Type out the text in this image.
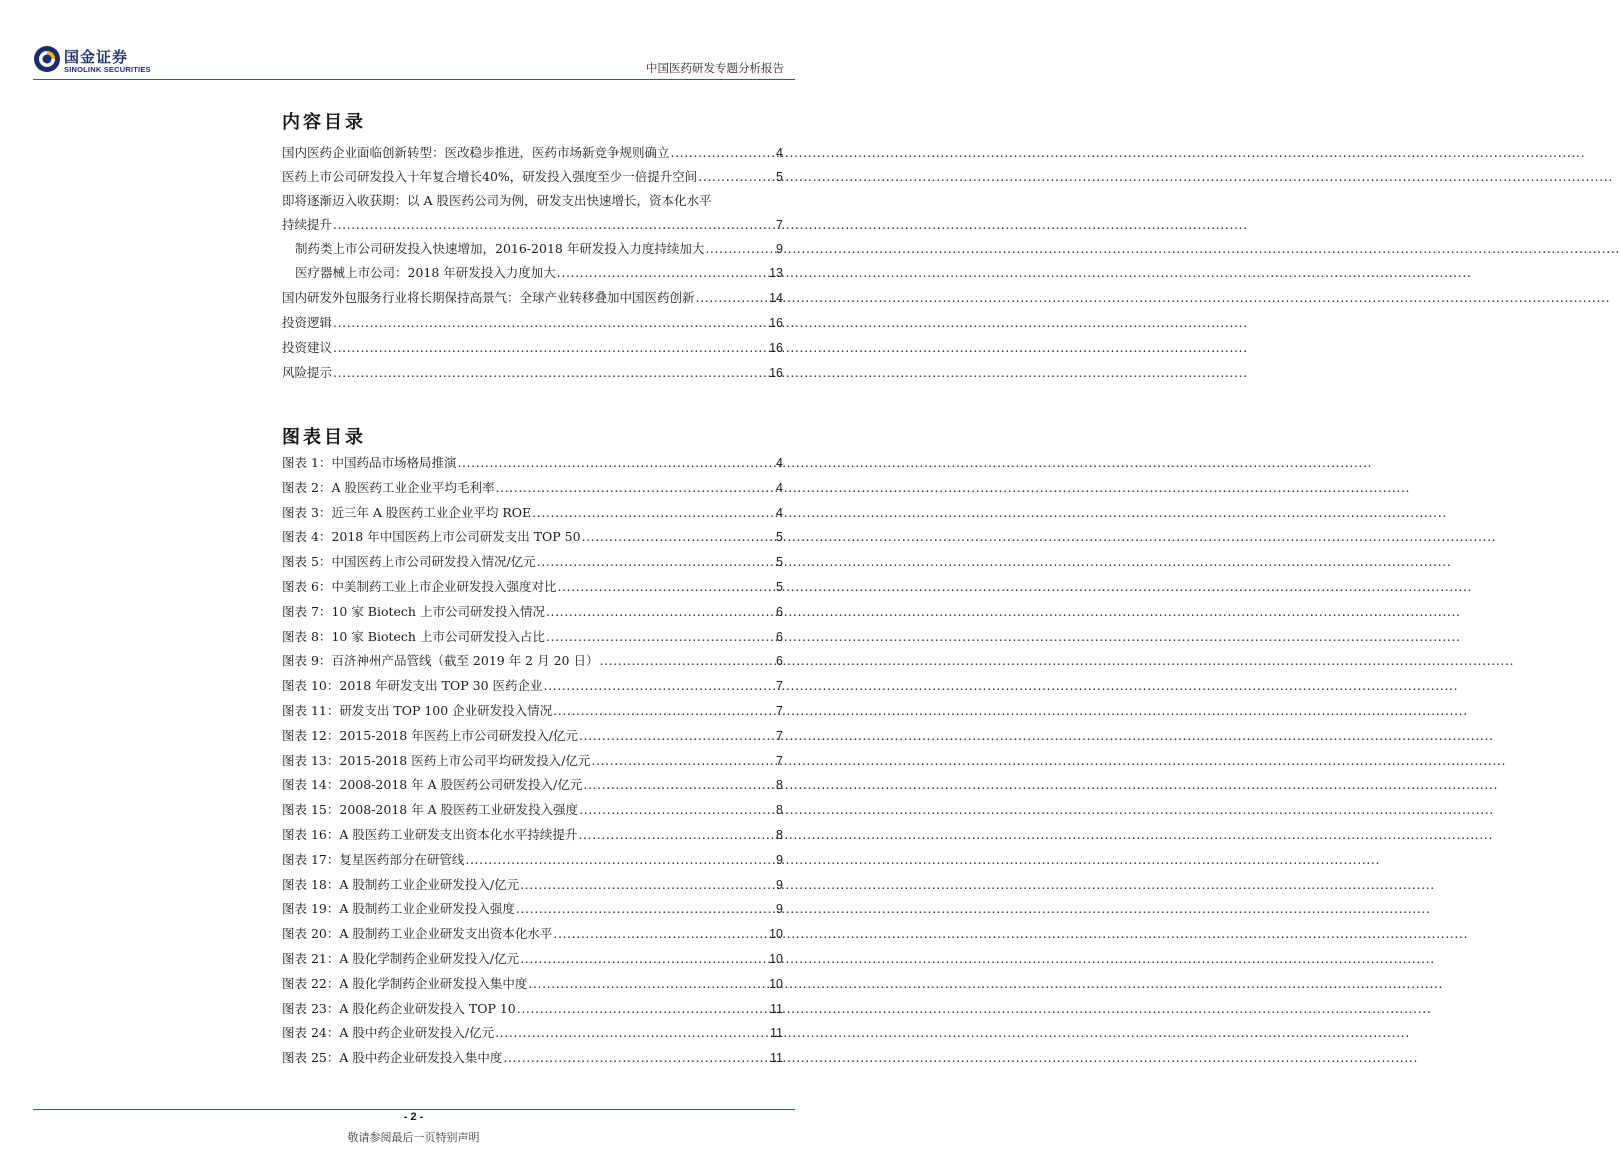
国金证券
SINOLINK SECURITIES	中国医药研发专题分析报告
内容目录
国内医药企业面临创新转型：医改稳步推进，医药市场新竞争规则确立 .....	4
医药上市公司研发投入十年复合增长40%，研发投入强度至少一倍提升空间 .....	5
即将逐渐迈入收获期：以 A 股医药公司为例，研发支出快速增长，资本化水平
持续提升 .....	7
制药类上市公司研发投入快速增加，2016-2018 年研发投入力度持续加大 .....	9
医疗器械上市公司：2018 年研发投入力度加大 .....	13
国内研发外包服务行业将长期保持高景气：全球产业转移叠加中国医药创新 .....	14
投资逻辑 .....	16
投资建议 .....	16
风险提示 .....	16
图表目录
图表 1： 中国药品市场格局推演 .....	4
图表 2： A 股医药工业企业平均毛利率 .....	4
图表 3： 近三年 A 股医药工业企业平均 ROE .....	4
图表 4： 2018 年中国医药上市公司研发支出 TOP 50 .....	5
图表 5： 中国医药上市公司研发投入情况/亿元 .....	5
图表 6： 中美制药工业上市企业研发投入强度对比 .....	5
图表 7： 10 家 Biotech 上市公司研发投入情况 .....	6
图表 8： 10 家 Biotech 上市公司研发投入占比 .....	6
图表 9： 百济神州产品管线（截至 2019 年 2 月 20 日） .....	6
图表 10： 2018 年研发支出 TOP 30 医药企业 .....	7
图表 11： 研发支出 TOP 100 企业研发投入情况 .....	7
图表 12： 2015-2018 年医药上市公司研发投入/亿元 .....	7
图表 13： 2015-2018 医药上市公司平均研发投入/亿元 .....	7
图表 14： 2008-2018 年 A 股医药公司研发投入/亿元 .....	8
图表 15： 2008-2018 年 A 股医药工业研发投入强度 .....	8
图表 16： A 股医药工业研发支出资本化水平持续提升 .....	8
图表 17： 复星医药部分在研管线 .....	9
图表 18： A 股制药工业企业研发投入/亿元 .....	9
图表 19： A 股制药工业企业研发投入强度 .....	9
图表 20： A 股制药工业企业研发支出资本化水平 .....	10
图表 21： A 股化学制药企业研发投入/亿元 .....	10
图表 22： A 股化学制药企业研发投入集中度 .....	10
图表 23： A 股化药企业研发投入 TOP 10 .....	11
图表 24： A 股中药企业研发投入/亿元 .....	11
图表 25： A 股中药企业研发投入集中度 .....	11
- 2 -
敬请参阅最后一页特别声明
